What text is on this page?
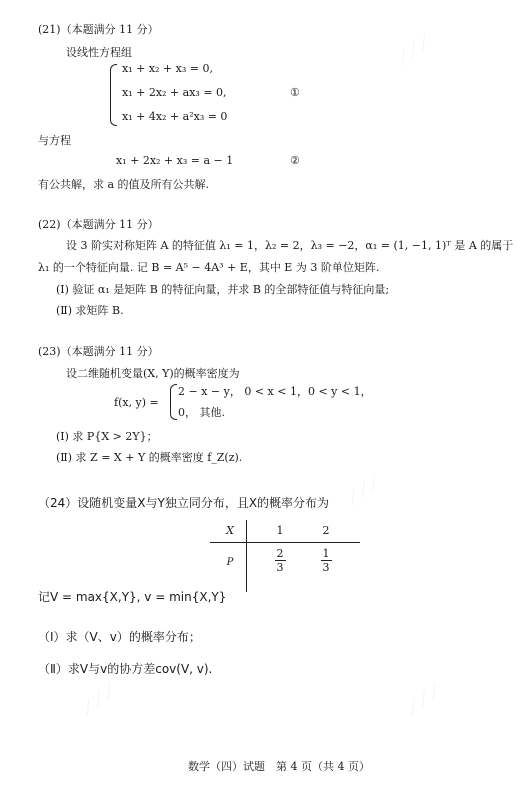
⟋⟋⟋
⟋⟋⟋
⟋⟋⟋	⟋⟋⟋
(21)（本题满分 11 分）
设线性方程组
x₁ + x₂ + x₃ = 0,
x₁ + 2x₂ + ax₃ = 0,
x₁ + 4x₂ + a²x₃ = 0
①
与方程
x₁ + 2x₂ + x₃ = a − 1	②
有公共解，求 a 的值及所有公共解.
(22)（本题满分 11 分）
设 3 阶实对称矩阵 A 的特征值 λ₁ = 1，λ₂ = 2，λ₃ = −2，α₁ = (1, −1, 1)ᵀ 是 A 的属于
λ₁ 的一个特征向量. 记 B = A⁵ − 4A³ + E，其中 E 为 3 阶单位矩阵.
(Ⅰ) 验证 α₁ 是矩阵 B 的特征向量，并求 B 的全部特征值与特征向量;
(Ⅱ) 求矩阵 B.
(23)（本题满分 11 分）
设二维随机变量(X, Y)的概率密度为
f(x, y) =
2 − x − y， 0 < x < 1，0 < y < 1，
0， 其他.
(Ⅰ) 求 P{X > 2Y}；
(Ⅱ) 求 Z = X + Y 的概率密度 f_Z(z).
（24）设随机变量X与Y独立同分布，且X的概率分布为
X	1	2
P	$\frac{2}{3}$	$\frac{1}{3}$
记V = max{X,Y}, v = min{X,Y}
（Ⅰ）求（V、v）的概率分布；
（Ⅱ）求V与v的协方差cov(V, v).
数学（四）试题　第 4 页（共 4 页）
